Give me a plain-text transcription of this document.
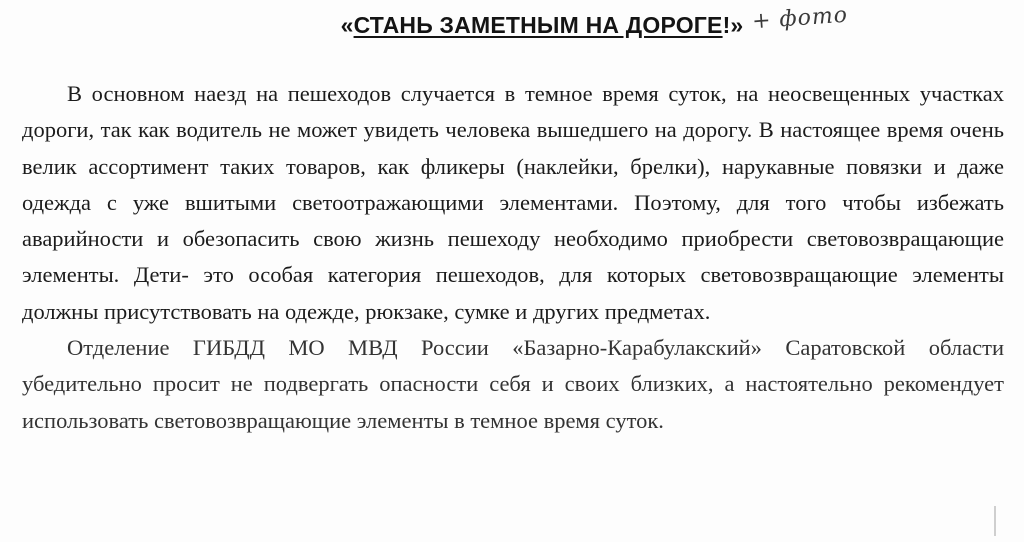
«СТАНЬ ЗАМЕТНЫМ НА ДОРОГЕ!» + фото

В основном наезд на пешеходов случается в темное время суток, на неосвещенных участках дороги, так как водитель не может увидеть человека вышедшего на дорогу. В настоящее время очень велик ассортимент таких товаров, как фликеры (наклейки, брелки), нарукавные повязки и даже одежда с уже вшитыми светоотражающими элементами. Поэтому, для того чтобы избежать аварийности и обезопасить свою жизнь пешеходу необходимо приобрести световозвращающие элементы. Дети- это особая категория пешеходов, для которых световозвращающие элементы должны присутствовать на одежде, рюкзаке, сумке и других предметах.

Отделение ГИБДД МО МВД России «Базарно-Карабулакский» Саратовской области убедительно просит не подвергать опасности себя и своих близких, а настоятельно рекомендует использовать световозвращающие элементы в темное время суток.
